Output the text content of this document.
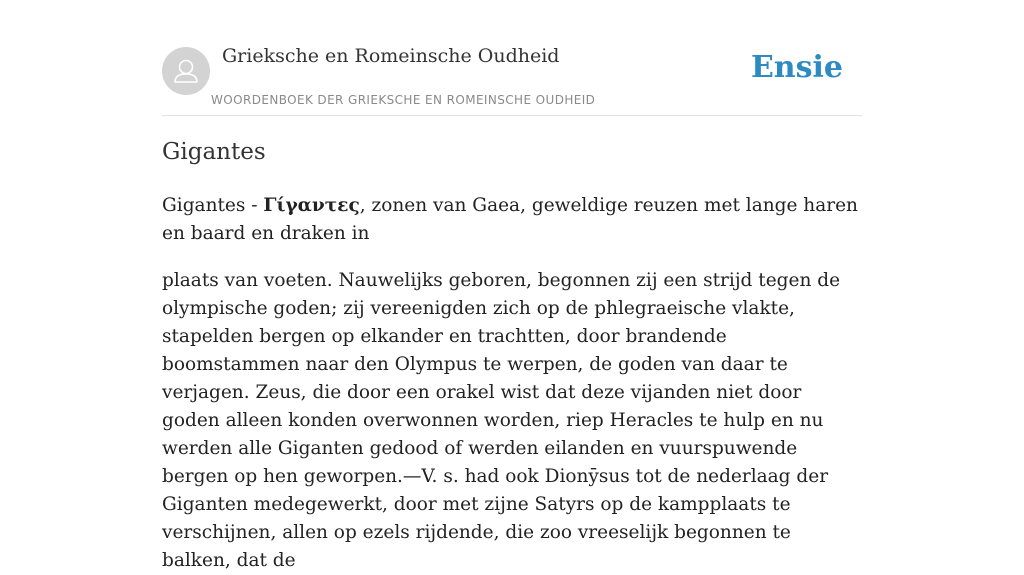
Grieksche en Romeinsche Oudheid
WOORDENBOEK DER GRIEKSCHE EN ROMEINSCHE OUDHEID
Ensie
Gigantes

Gigantes - Γίγαντες, zonen van Gaea, geweldige reuzen met lange haren en baard en draken in

plaats van voeten. Nauwelijks geboren, begonnen zij een strijd tegen de olympische goden; zij vereenigden zich op de phlegraeische vlakte, stapelden bergen op elkander en trachtten, door brandende boomstammen naar den Olympus te werpen, de goden van daar te verjagen. Zeus, die door een orakel wist dat deze vijanden niet door goden alleen konden overwonnen worden, riep Heracles te hulp en nu werden alle Giganten gedood of werden eilanden en vuurspuwende bergen op hen geworpen.—V. s. had ook Dionȳsus tot de nederlaag der Giganten medegewerkt, door met zijne Satyrs op de kampplaats te verschijnen, allen op ezels rijdende, die zoo vreeselijk begonnen te balken, dat de
